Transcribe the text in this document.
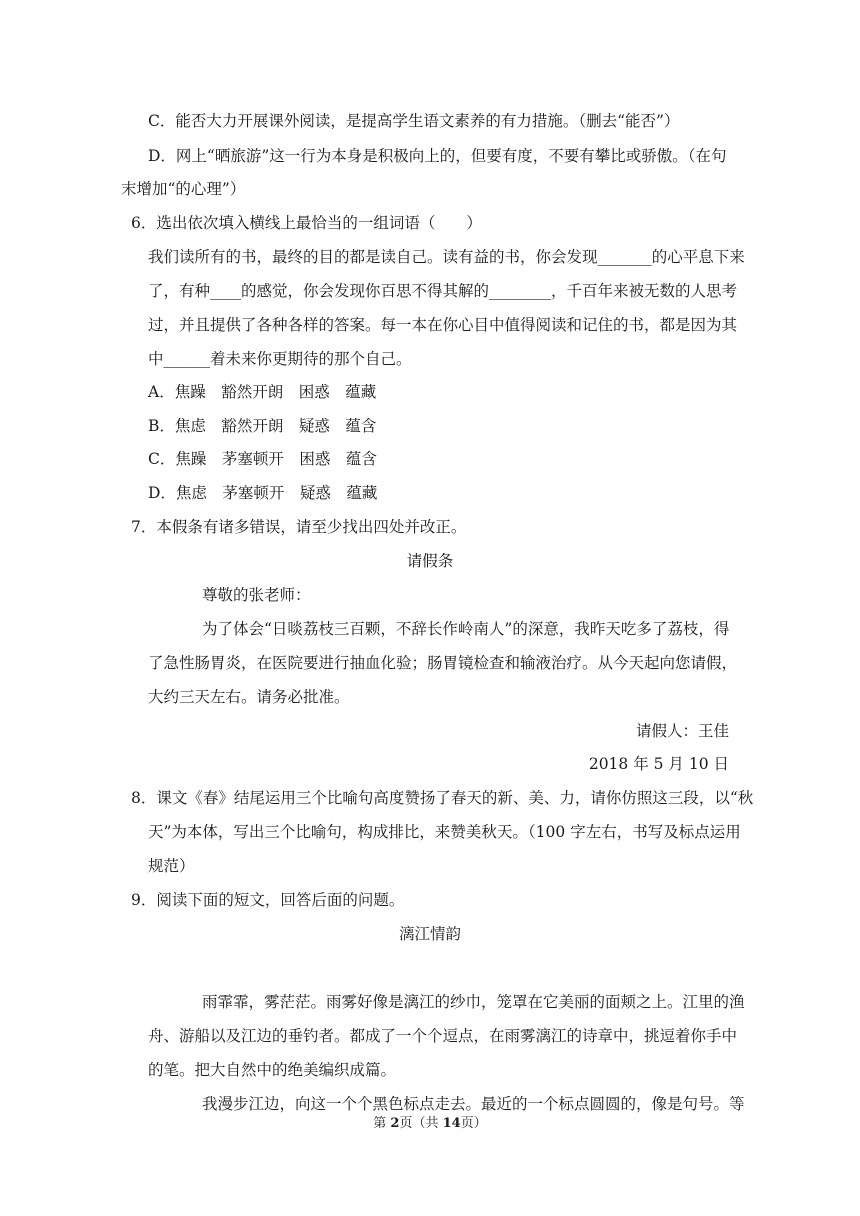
C．能否大力开展课外阅读，是提高学生语文素养的有力措施。（删去“能否”）
D．网上“晒旅游”这一行为本身是积极向上的，但要有度，不要有攀比或骄傲。（在句
末增加“的心理”）
6．选出依次填入横线上最恰当的一组词语（　　）
我们读所有的书，最终的目的都是读自己。读有益的书，你会发现_______的心平息下来
了，有种____的感觉，你会发现你百思不得其解的________，千百年来被无数的人思考
过，并且提供了各种各样的答案。每一本在你心目中值得阅读和记住的书，都是因为其
中______着未来你更期待的那个自己。
A．焦躁　豁然开朗　困惑　蕴藏
B．焦虑　豁然开朗　疑惑　蕴含
C．焦躁　茅塞顿开　困惑　蕴含
D．焦虑　茅塞顿开　疑惑　蕴藏
7．本假条有诸多错误，请至少找出四处并改正。
请假条
尊敬的张老师：
为了体会“日啖荔枝三百颗，不辞长作岭南人”的深意，我昨天吃多了荔枝，得
了急性肠胃炎，在医院要进行抽血化验；肠胃镜检查和输液治疗。从今天起向您请假，
大约三天左右。请务必批准。
请假人：王佳
2018 年 5 月 10 日
8．课文《春》结尾运用三个比喻句高度赞扬了春天的新、美、力，请你仿照这三段，以“秋
天”为本体，写出三个比喻句，构成排比，来赞美秋天。（100 字左右，书写及标点运用
规范）
9．阅读下面的短文，回答后面的问题。
漓江情韵
雨霏霏，雾茫茫。雨雾好像是漓江的纱巾，笼罩在它美丽的面颊之上。江里的渔
舟、游船以及江边的垂钓者。都成了一个个逗点，在雨雾漓江的诗章中，挑逗着你手中
的笔。把大自然中的绝美编织成篇。
我漫步江边，向这一个个黑色标点走去。最近的一个标点圆圆的，像是句号。等
第 2页（共 14页）
